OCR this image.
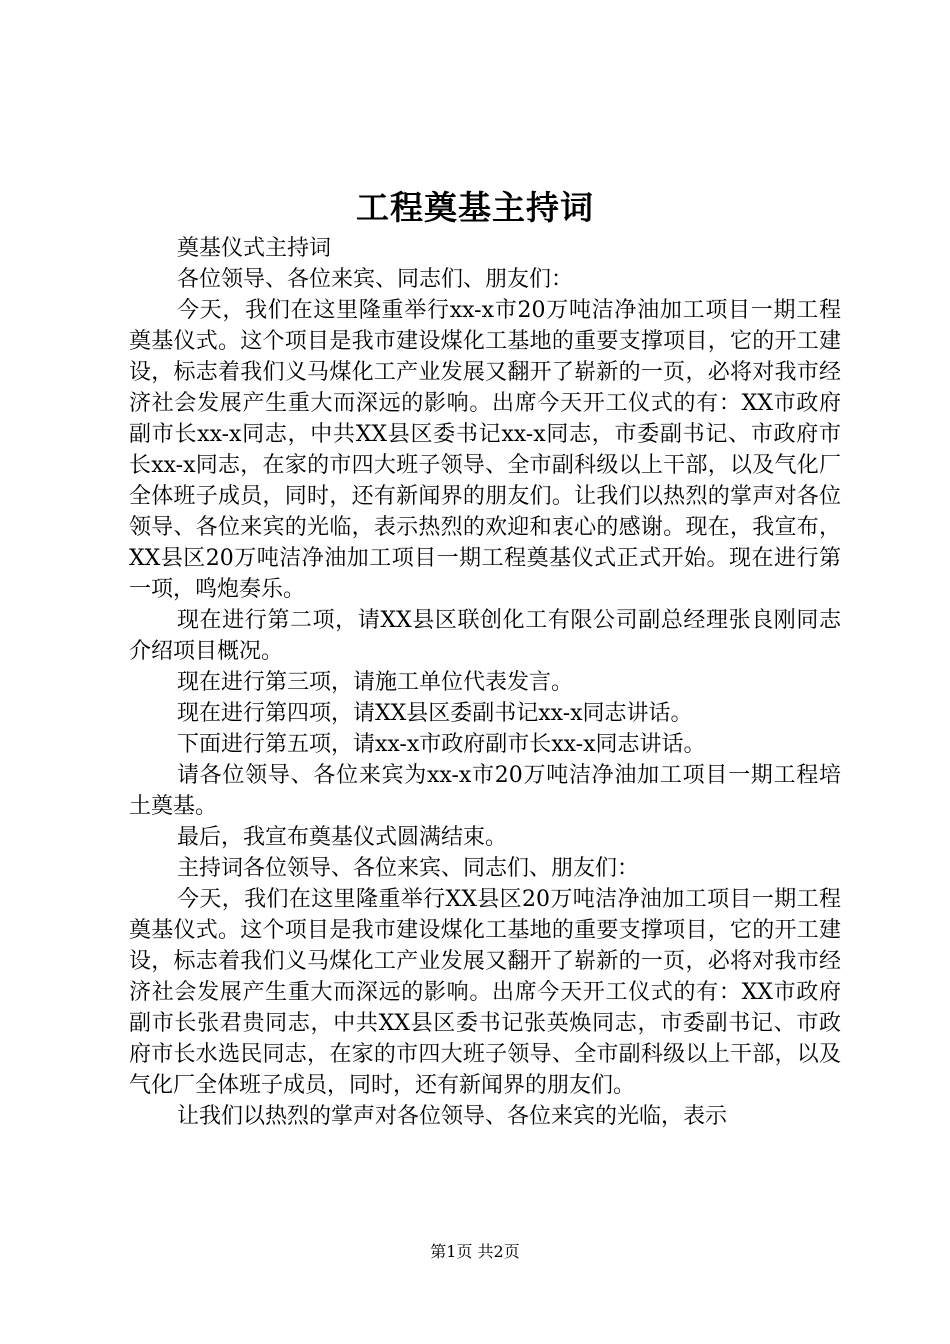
工程奠基主持词

奠基仪式主持词

各位领导、各位来宾、同志们、朋友们：

今天，我们在这里隆重举行xx-x市20万吨洁净油加工项目一期工程奠基仪式。这个项目是我市建设煤化工基地的重要支撑项目，它的开工建设，标志着我们义马煤化工产业发展又翻开了崭新的一页，必将对我市经济社会发展产生重大而深远的影响。出席今天开工仪式的有：XX市政府副市长xx-x同志，中共XX县区委书记xx-x同志，市委副书记、市政府市长xx-x同志，在家的市四大班子领导、全市副科级以上干部，以及气化厂全体班子成员，同时，还有新闻界的朋友们。让我们以热烈的掌声对各位领导、各位来宾的光临，表示热烈的欢迎和衷心的感谢。现在，我宣布，XX县区20万吨洁净油加工项目一期工程奠基仪式正式开始。现在进行第一项，鸣炮奏乐。

现在进行第二项，请XX县区联创化工有限公司副总经理张良刚同志介绍项目概况。

现在进行第三项，请施工单位代表发言。

现在进行第四项，请XX县区委副书记xx-x同志讲话。

下面进行第五项，请xx-x市政府副市长xx-x同志讲话。

请各位领导、各位来宾为xx-x市20万吨洁净油加工项目一期工程培土奠基。

最后，我宣布奠基仪式圆满结束。

主持词各位领导、各位来宾、同志们、朋友们：

今天，我们在这里隆重举行XX县区20万吨洁净油加工项目一期工程奠基仪式。这个项目是我市建设煤化工基地的重要支撑项目，它的开工建设，标志着我们义马煤化工产业发展又翻开了崭新的一页，必将对我市经济社会发展产生重大而深远的影响。出席今天开工仪式的有：XX市政府副市长张君贵同志，中共XX县区委书记张英焕同志，市委副书记、市政府市长水选民同志，在家的市四大班子领导、全市副科级以上干部，以及气化厂全体班子成员，同时，还有新闻界的朋友们。

让我们以热烈的掌声对各位领导、各位来宾的光临，表示

第1页 共2页
